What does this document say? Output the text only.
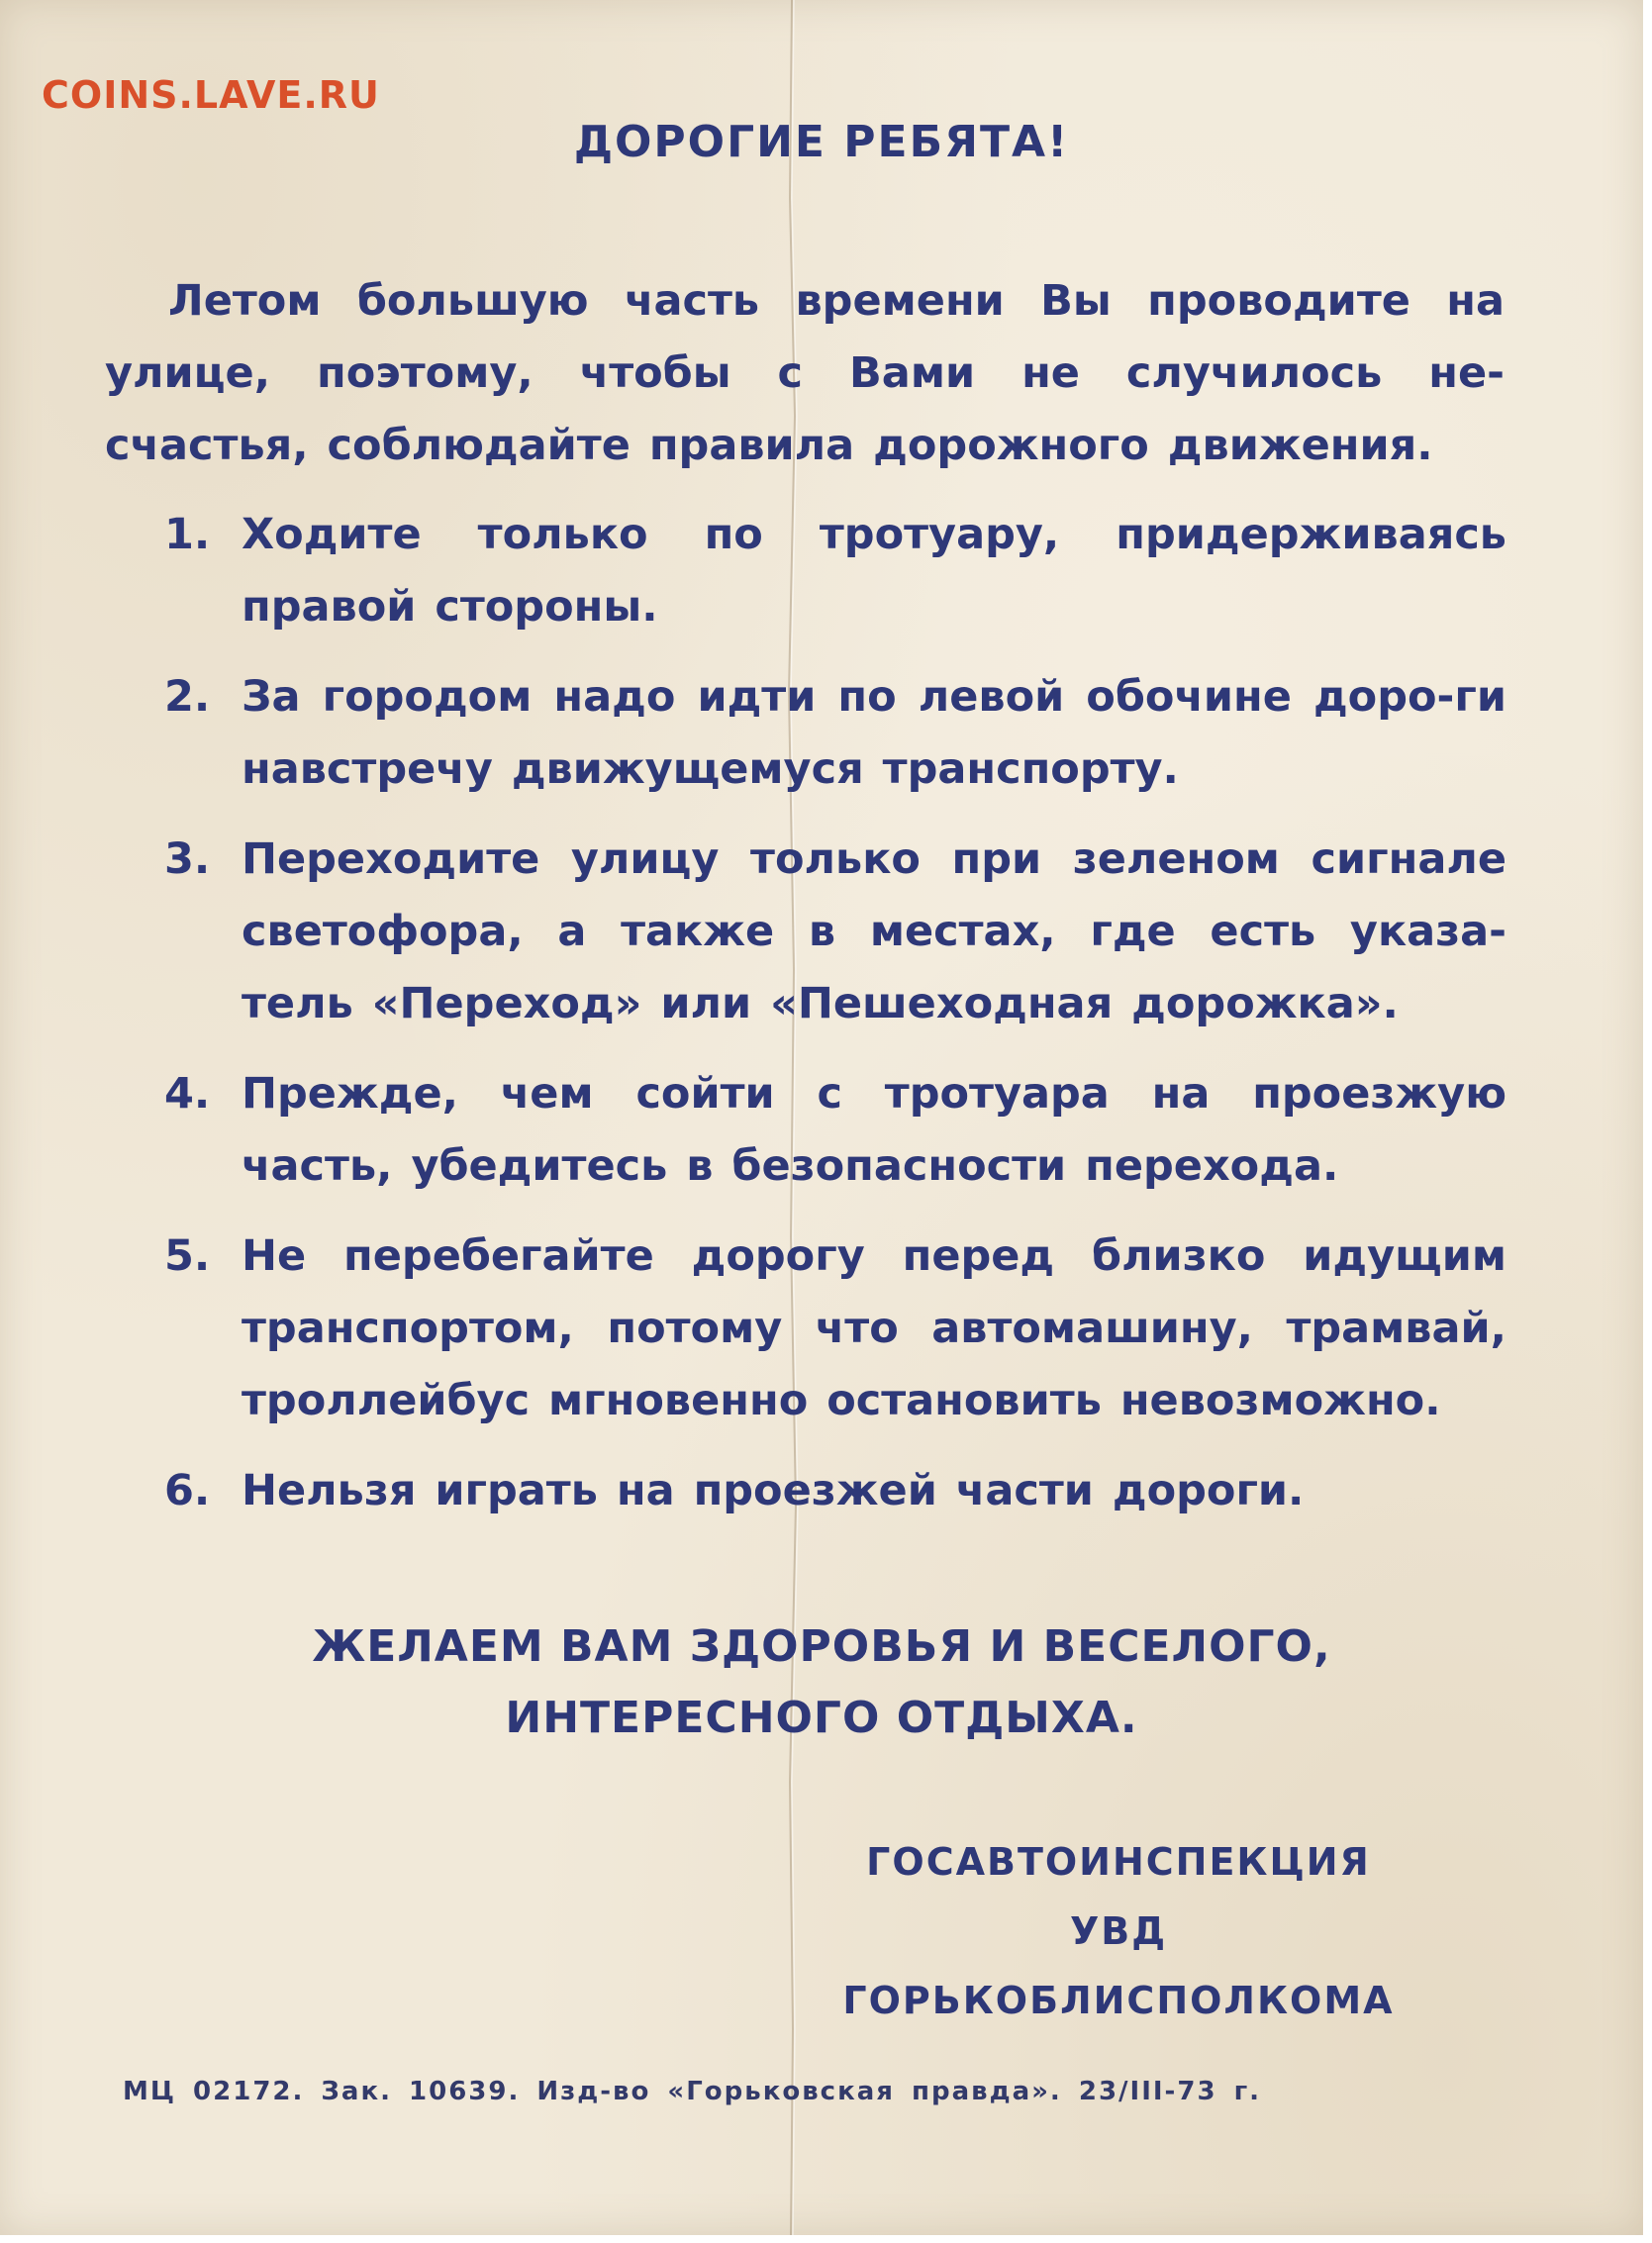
COINS.LAVE.RU
ДОРОГИЕ РЕБЯТА!

Летом большую часть времени Вы проводите на улице, поэтому, чтобы с Вами не случилось не-счастья, соблюдайте правила дорожного движения.

1. Ходите только по тротуару, придерживаясь правой стороны.
2. За городом надо идти по левой обочине доро-ги навстречу движущемуся транспорту.
3. Переходите улицу только при зеленом сигнале светофора, а также в местах, где есть указа-тель «Переход» или «Пешеходная дорожка».
4. Прежде, чем сойти с тротуара на проезжую часть, убедитесь в безопасности перехода.
5. Не перебегайте дорогу перед близко идущим транспортом, потому что автомашину, трамвай, троллейбус мгновенно остановить невозможно.
6. Нельзя играть на проезжей части дороги.
ЖЕЛАЕМ ВАМ ЗДОРОВЬЯ И ВЕСЕЛОГО,
ИНТЕРЕСНОГО ОТДЫХА.
ГОСАВТОИНСПЕКЦИЯ УВД
ГОРЬКОБЛИСПОЛКОМА
МЦ 02172. Зак. 10639. Изд-во «Горьковская правда». 23/III-73 г.
